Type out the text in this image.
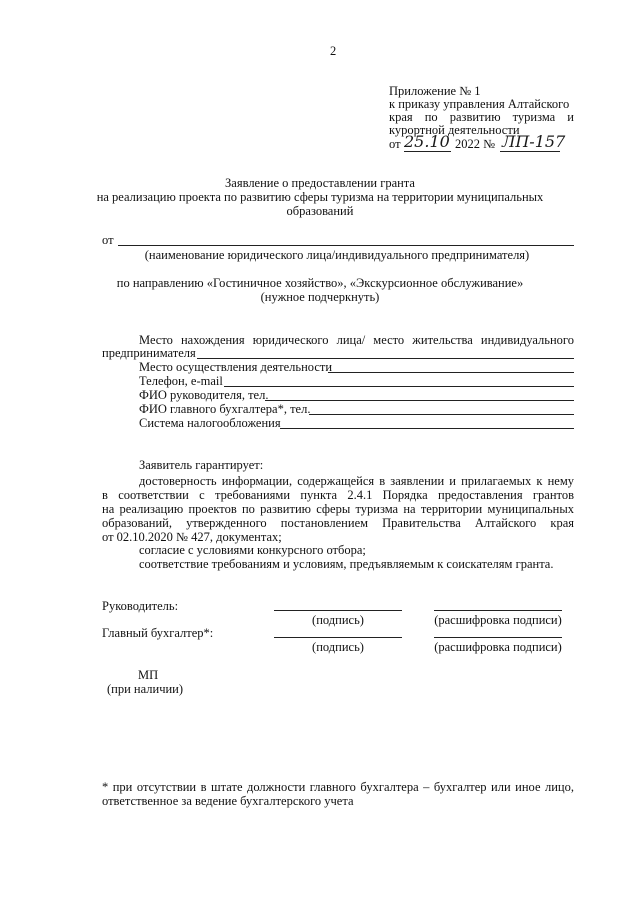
2
Приложение № 1
к приказу управления Алтайского
края по развитию туризма и
курортной деятельности
от 25.10 2022 № ЛП-157
Заявление о предоставлении гранта
на реализацию проекта по развитию сферы туризма на территории муниципальных
образований
от
(наименование юридического лица/индивидуального предпринимателя)
по направлению «Гостиничное хозяйство», «Экскурсионное обслуживание»
(нужное подчеркнуть)
Место нахождения юридического лица/ место жительства индивидуального
предпринимателя
Место осуществления деятельности
Телефон, e-mail
ФИО руководителя, тел.
ФИО главного бухгалтера*, тел.
Система налогообложения
Заявитель гарантирует:
достоверность информации, содержащейся в заявлении и прилагаемых к нему
в соответствии с требованиями пункта 2.4.1 Порядка предоставления грантов
на реализацию проектов по развитию сферы туризма на территории муниципальных
образований, утвержденного постановлением Правительства Алтайского края
от 02.10.2020 № 427, документах;
согласие с условиями конкурсного отбора;
соответствие требованиям и условиям, предъявляемым к соискателям гранта.
Руководитель:
(подпись)	(расшифровка подписи)
Главный бухгалтер*:
(подпись)	(расшифровка подписи)
МП
(при наличии)
* при отсутствии в штате должности главного бухгалтера – бухгалтер или иное лицо,
ответственное за ведение бухгалтерского учета
